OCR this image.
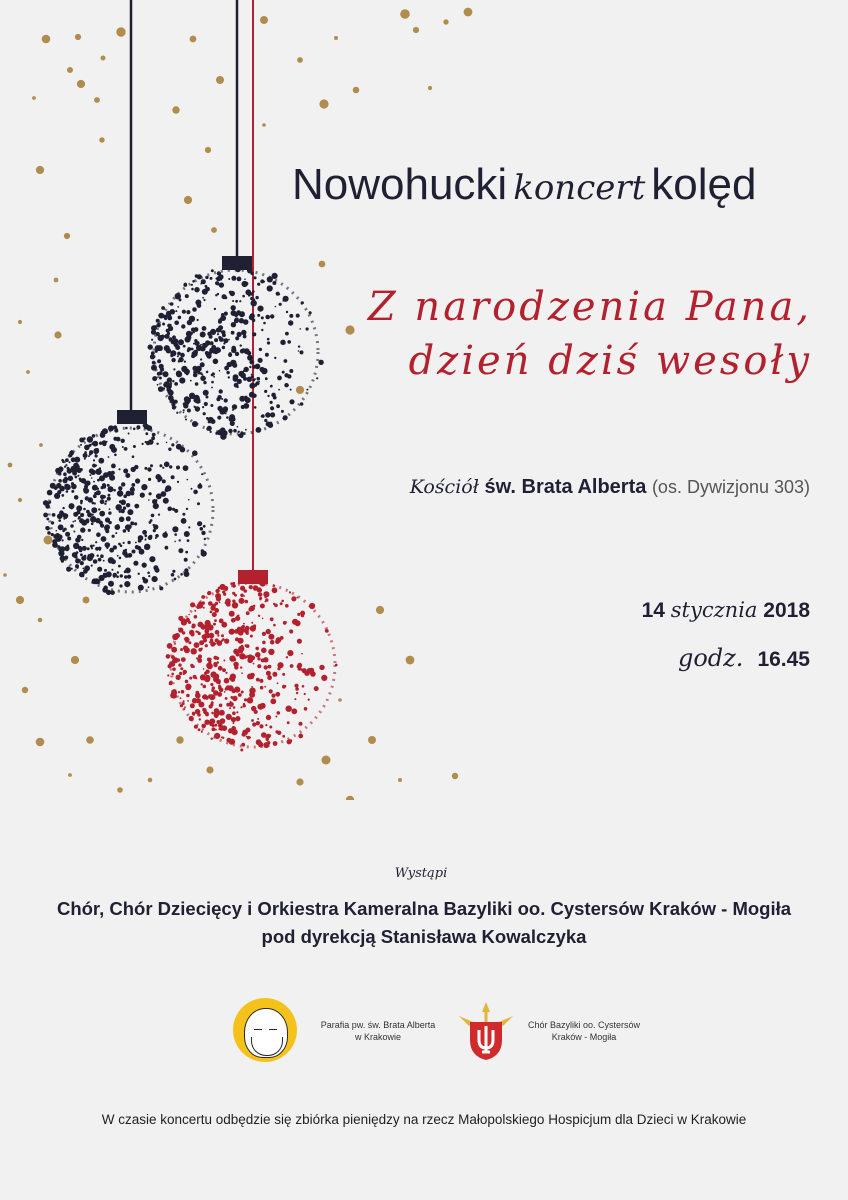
Nowohucki koncert kolęd
Z narodzenia Pana,
dzień dziś wesoły
Kościół św. Brata Alberta (os. Dywizjonu 303)
14 stycznia 2018
godz. 16.45
Wystąpi
Chór, Chór Dziecięcy i Orkiestra Kameralna Bazyliki oo. Cystersów Kraków - Mogiła
pod dyrekcją Stanisława Kowalczyka
Parafia pw. św. Brata Alberta
w Krakowie
Chór Bazyliki oo. Cystersów
Kraków - Mogiła
W czasie koncertu odbędzie się zbiórka pieniędzy na rzecz Małopolskiego Hospicjum dla Dzieci w Krakowie
